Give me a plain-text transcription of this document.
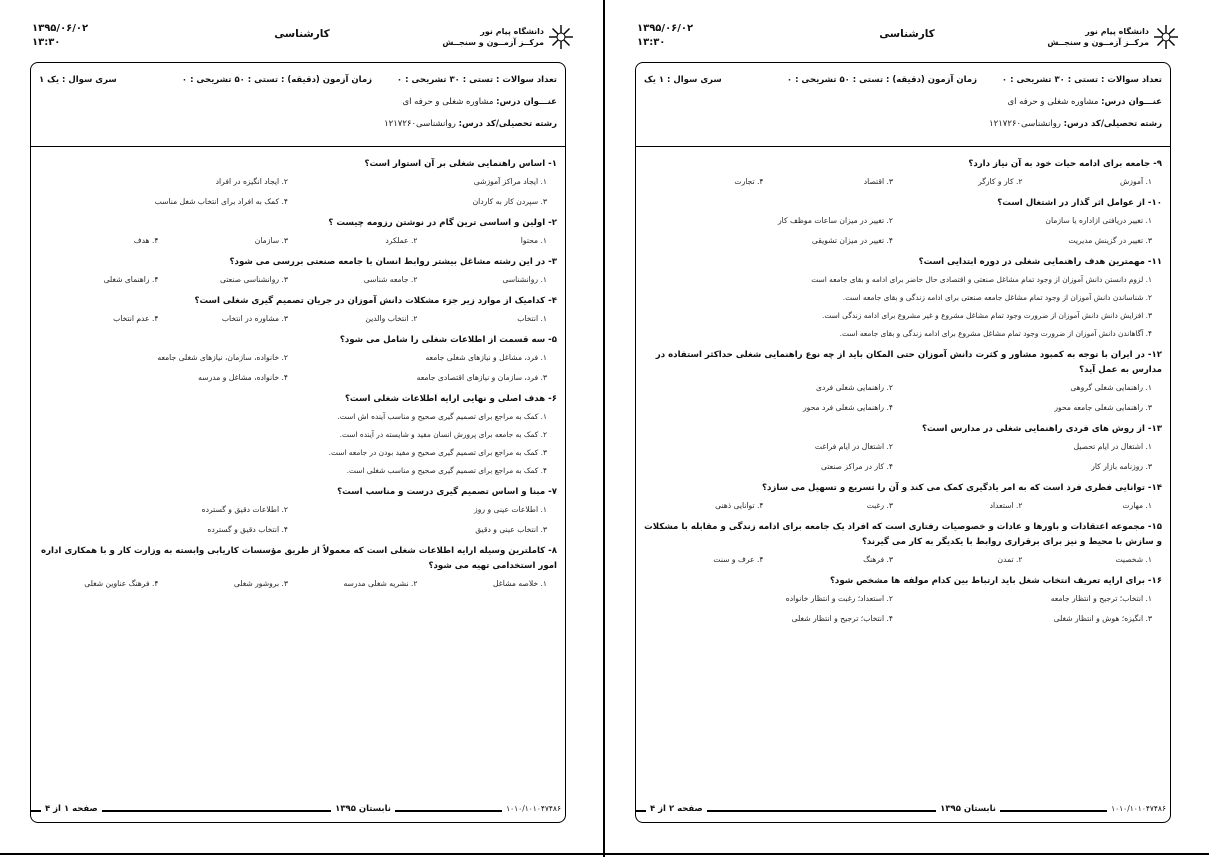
۱۳۹۵/۰۶/۰۲
۱۳:۳۰
کارشناسی	دانشگاه پیام نور
مرکــز آزمــون و سنجــش
تعداد سوالات : تستی : ۳۰ تشریحی : ۰
زمان آزمون (دقیقه) : تستی : ۵۰ تشریحی : ۰
سری سوال : یک ۱
عنـــوان درس: مشاوره شغلی و حرفه ای
رشته تحصیلی/کد درس: روانشناسی۱۲۱۷۲۶۰
۱- اساس راهنمایی شغلی بر آن استوار است؟
۱. ایجاد مراکز آموزشی
۲. ایجاد انگیزه در افراد
۳. سپردن کار به کاردان
۴. کمک به افراد برای انتخاب شغل مناسب
۲- اولین و اساسی ترین گام در نوشتن رزومه چیست ؟
۱. محتوا
۲. عملکرد
۳. سازمان
۴. هدف
۳- در این رشته مشاغل بیشتر روابط انسان با جامعه صنعتی بررسی می شود؟
۱. روانشناسی
۲. جامعه شناسی
۳. روانشناسی صنعتی
۴. راهنمای شغلی
۴- کدامیک از موارد زیر جزء مشکلات دانش آموزان در جریان تصمیم گیری شغلی است؟
۱. انتخاب
۲. انتخاب والدین
۳. مشاوره در انتخاب
۴. عدم انتخاب
۵- سه قسمت از اطلاعات شغلی را شامل می شود؟
۱. فرد، مشاغل و نیازهای شغلی جامعه
۲. خانواده، سازمان، نیازهای شغلی جامعه
۳. فرد، سازمان و نیازهای اقتصادی جامعه
۴. خانواده، مشاغل و مدرسه
۶- هدف اصلی و نهایی ارایه اطلاعات شغلی است؟
۱. کمک به مراجع برای تصمیم گیری صحیح و مناسب آینده اش است.
۲. کمک به جامعه برای پرورش انسان مفید و شایسته در آینده است.
۳. کمک به مراجع برای تصمیم گیری صحیح و مفید بودن در جامعه است.
۴. کمک به مراجع برای تصمیم گیری صحیح و مناسب شغلی است.
۷- مبنا و اساس تصمیم گیری درست و مناسب است؟
۱. اطلاعات عینی و روز
۲. اطلاعات دقیق و گسترده
۳. انتخاب عینی و دقیق
۴. انتخاب دقیق و گسترده
۸- کاملترین وسیله ارایه اطلاعات شغلی است که معمولاً از طریق مؤسسات کاریابی وابسته به وزارت کار و با همکاری اداره امور استخدامی تهیه می شود؟
۱. خلاصه مشاغل
۲. نشریه شغلی مدرسه
۳. بروشور شغلی
۴. فرهنگ عناوین شغلی
۱۰۱۰/۱۰۱۰۴۷۴۸۶
نابستان ۱۳۹۵
صفحه ۱ از ۴
۱۳۹۵/۰۶/۰۲
۱۳:۳۰
کارشناسی	دانشگاه پیام نور
مرکــز آزمــون و سنجــش
تعداد سوالات : تستی : ۳۰ تشریحی : ۰
زمان آزمون (دقیقه) : تستی : ۵۰ تشریحی : ۰
سری سوال : ۱ یک
عنـــوان درس: مشاوره شغلی و حرفه ای
رشته تحصیلی/کد درس: روانشناسی۱۲۱۷۲۶۰
۹- جامعه برای ادامه حیات خود به آن نیاز دارد؟
۱. آموزش
۲. کار و کارگر
۳. اقتصاد
۴. تجارت
۱۰- از عوامل اثر گذار در اشتغال است؟
۱. تغییر دریافتی ازاداره یا سازمان
۲. تغییر در میزان ساعات موظف کار
۳. تغییر در گزینش مدیریت
۴. تغییر در میزان تشویقی
۱۱- مهمترین هدف راهنمایی شغلی در دوره ابتدایی است؟
۱. لزوم دانستن دانش آموزان از وجود تمام مشاغل صنعتی و اقتصادی حال حاضر برای ادامه و بقای جامعه است
۲. شناساندن دانش آموزان از وجود تمام مشاغل جامعه صنعتی برای ادامه زندگی و بقای جامعه است.
۳. افزایش دانش دانش آموزان از ضرورت وجود تمام مشاغل مشروع و غیر مشروع برای ادامه زندگی است.
۴. آگاهاندن دانش آموزان از ضرورت وجود تمام مشاغل مشروع برای ادامه زندگی و بقای جامعه است.
۱۲- در ایران با توجه به کمبود مشاور و کثرت دانش آموزان حتی المکان باید از چه نوع راهنمایی شغلی حداکثر استفاده در مدارس به عمل آید؟
۱. راهنمایی شغلی گروهی
۲. راهنمایی شغلی فردی
۳. راهنمایی شغلی جامعه محور
۴. راهنمایی شغلی فرد محور
۱۳- از روش های فردی راهنمایی شغلی در مدارس است؟
۱. اشتغال در ایام تحصیل
۲. اشتغال در ایام فراغت
۳. روزنامه بازار کار
۴. کار در مراکز صنعتی
۱۴- توانایی فطری فرد است که به امر یادگیری کمک می کند و آن را تسریع و تسهیل می سازد؟
۱. مهارت
۲. استعداد
۳. رغبت
۴. توانایی ذهنی
۱۵- مجموعه اعتقادات و باورها و عادات و خصوصیات رفتاری است که افراد یک جامعه برای ادامه زندگی و مقابله با مشکلات و سازش با محیط و نیز برای برقراری روابط با یکدیگر به کار می گیرند؟
۱. شخصیت
۲. تمدن
۳. فرهنگ
۴. عرف و سنت
۱۶- برای ارایه تعریف انتخاب شغل باید ارتباط بین کدام مولفه ها مشخص شود؟
۱. انتخاب؛ ترجیح و انتظار جامعه
۲. استعداد؛ رغبت و انتظار خانواده
۳. انگیزه؛ هوش و انتظار شغلی
۴. انتخاب؛ ترجیح و انتظار شغلی
۱۰۱۰/۱۰۱۰۴۷۴۸۶
نابستان ۱۳۹۵
صفحه ۲ از ۴
